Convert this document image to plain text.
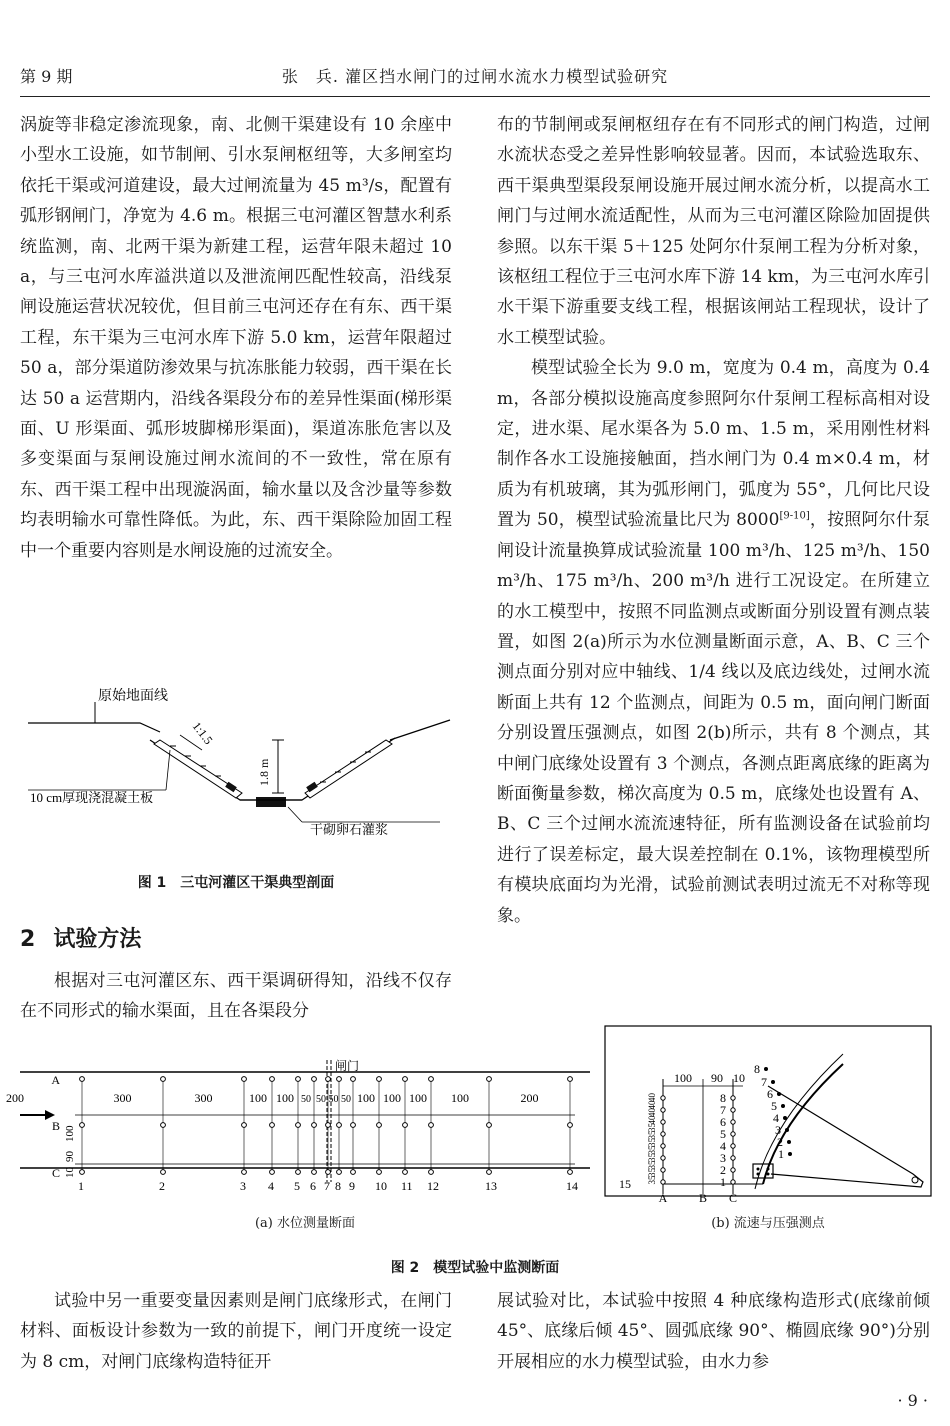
第 9 期	张　兵. 灌区挡水闸门的过闸水流水力模型试验研究

涡旋等非稳定渗流现象，南、北侧干渠建设有 10 余座中小型水工设施，如节制闸、引水泵闸枢纽等，大多闸室均依托干渠或河道建设，最大过闸流量为 45 m³/s，配置有弧形钢闸门，净宽为 4.6 m。根据三屯河灌区智慧水利系统监测，南、北两干渠为新建工程，运营年限未超过 10 a，与三屯河水库溢洪道以及泄流闸匹配性较高，沿线泵闸设施运营状况较优，但目前三屯河还存在有东、西干渠工程，东干渠为三屯河水库下游 5.0 km，运营年限超过 50 a，部分渠道防渗效果与抗冻胀能力较弱，西干渠在长达 50 a 运营期内，沿线各渠段分布的差异性渠面(梯形渠面、U 形渠面、弧形坡脚梯形渠面)，渠道冻胀危害以及多变渠面与泵闸设施过闸水流间的不一致性，常在原有东、西干渠工程中出现漩涡面，输水量以及含沙量等参数均表明输水可靠性降低。为此，东、西干渠除险加固工程中一个重要内容则是水闸设施的过流安全。

原始地面线
1:1.5
1.8 m
10 cm厚现浇混凝土板
干砌卵石灌浆
图 1　三屯河灌区干渠典型剖面
2 试验方法

根据对三屯河灌区东、西干渠调研得知，沿线不仅存在不同形式的输水渠面，且在各渠段分

布的节制闸或泵闸枢纽存在有不同形式的闸门构造，过闸水流状态受之差异性影响较显著。因而，本试验选取东、西干渠典型渠段泵闸设施开展过闸水流分析，以提高水工闸门与过闸水流适配性，从而为三屯河灌区除险加固提供参照。以东干渠 5＋125 处阿尔什泵闸工程为分析对象，该枢纽工程位于三屯河水库下游 14 km，为三屯河水库引水干渠下游重要支线工程，根据该闸站工程现状，设计了水工模型试验。

模型试验全长为 9.0 m，宽度为 0.4 m，高度为 0.4 m，各部分模拟设施高度参照阿尔什泵闸工程标高相对设定，进水渠、尾水渠各为 5.0 m、1.5 m，采用刚性材料制作各水工设施接触面，挡水闸门为 0.4 m×0.4 m，材质为有机玻璃，其为弧形闸门，弧度为 55°，几何比尺设置为 50，模型试验流量比尺为 8000[9-10]，按照阿尔什泵闸设计流量换算成试验流量 100 m³/h、125 m³/h、150 m³/h、175 m³/h、200 m³/h 进行工况设定。在所建立的水工模型中，按照不同监测点或断面分别设置有测点装置，如图 2(a)所示为水位测量断面示意，A、B、C 三个测点面分别对应中轴线、1/4 线以及底边线处，过闸水流断面上共有 12 个监测点，间距为 0.5 m，面向闸门断面分别设置压强测点，如图 2(b)所示，共有 8 个测点，其中闸门底缘处设置有 3 个测点，各测点距离底缘的距离为断面衡量参数，梯次高度为 0.5 m，底缘处也设置有 A、B、C 三个过闸水流流速特征，所有监测设备在试验前均进行了误差标定，最大误差控制在 0.1%，该物理模型所有模块底面均为光滑，试验前测试表明过流无不对称等现象。

闸门
300	300	100 100 50 50 50 50 100 100 100 100	200
200
A
B
C
100
90
10
1	2	3 4 5 6 7 8 9 10 11 12	13	14
(a) 水位测量断面
100 90 10
8
7
6
5
4
3
2
1
8
7
6
5
4
3
2
1
40
40
40
40
35
35
35
35
35
35
35
35
A	B C
15
(b) 流速与压强测点
图 2　模型试验中监测断面

试验中另一重要变量因素则是闸门底缘形式，在闸门材料、面板设计参数为一致的前提下，闸门开度统一设定为 8 cm，对闸门底缘构造特征开

展试验对比，本试验中按照 4 种底缘构造形式(底缘前倾 45°、底缘后倾 45°、圆弧底缘 90°、椭圆底缘 90°)分别开展相应的水力模型试验，由水力参

· 9 ·
